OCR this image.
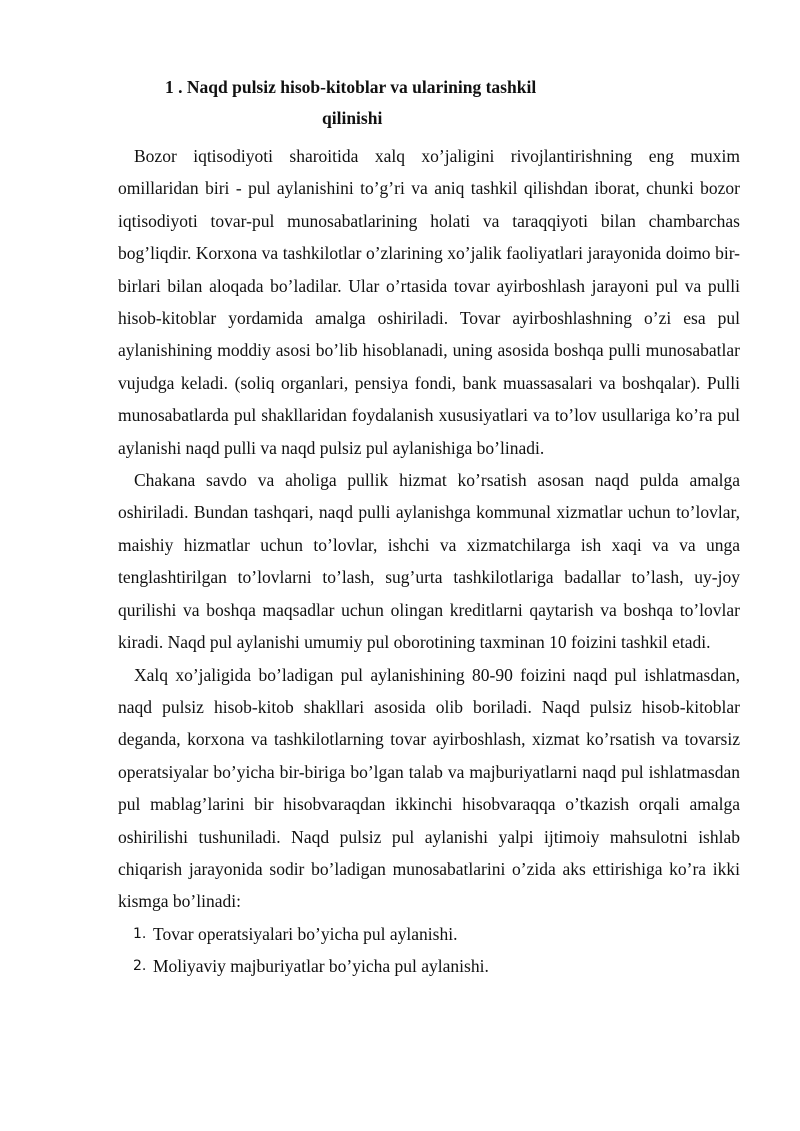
1 . Naqd pulsiz hisob-kitoblar va ularining tashkil
qilinishi

Bozor iqtisodiyoti sharoitida xalq xo’jaligini rivojlantirishning eng muxim omillaridan biri - pul aylanishini to’g’ri va aniq tashkil qilishdan iborat, chunki bozor iqtisodiyoti tovar-pul munosabatlarining holati va taraqqiyoti bilan chambarchas bog’liqdir. Korxona va tashkilotlar o’zlarining xo’jalik faoliyatlari jarayonida doimo bir-birlari bilan aloqada bo’ladilar. Ular o’rtasida tovar ayirboshlash jarayoni pul va pulli hisob-kitoblar yordamida amalga oshiriladi. Tovar ayirboshlashning o’zi esa pul aylanishining moddiy asosi bo’lib hisoblanadi, uning asosida boshqa pulli munosabatlar vujudga keladi. (soliq organlari, pensiya fondi, bank muassasalari va boshqalar). Pulli munosabatlarda pul shakllaridan foydalanish xususiyatlari va to’lov usullariga ko’ra pul aylanishi naqd pulli va naqd pulsiz pul aylanishiga bo’linadi.

Chakana savdo va aholiga pullik hizmat ko’rsatish asosan naqd pulda amalga oshiriladi. Bundan tashqari, naqd pulli aylanishga kommunal xizmatlar uchun to’lovlar, maishiy hizmatlar uchun to’lovlar, ishchi va xizmatchilarga ish xaqi va va unga tenglashtirilgan to’lovlarni to’lash, sug’urta tashkilotlariga badallar to’lash, uy-joy qurilishi va boshqa maqsadlar uchun olingan kreditlarni qaytarish va boshqa to’lovlar kiradi. Naqd pul aylanishi umumiy pul oborotining taxminan 10 foizini tashkil etadi.

Xalq xo’jaligida bo’ladigan pul aylanishining 80-90 foizini naqd pul ishlatmasdan, naqd pulsiz hisob-kitob shakllari asosida olib boriladi. Naqd pulsiz hisob-kitoblar deganda, korxona va tashkilotlarning tovar ayirboshlash, xizmat ko’rsatish va tovarsiz operatsiyalar bo’yicha bir-biriga bo’lgan talab va majburiyatlarni naqd pul ishlatmasdan pul mablag’larini bir hisobvaraqdan ikkinchi hisobvaraqqa o’tkazish orqali amalga oshirilishi tushuniladi. Naqd pulsiz pul aylanishi yalpi ijtimoiy mahsulotni ishlab chiqarish jarayonida sodir bo’ladigan munosabatlarini o’zida aks ettirishiga ko’ra ikki kismga bo’linadi:

1. Tovar operatsiyalari bo’yicha pul aylanishi.
2. Moliyaviy majburiyatlar bo’yicha pul aylanishi.
